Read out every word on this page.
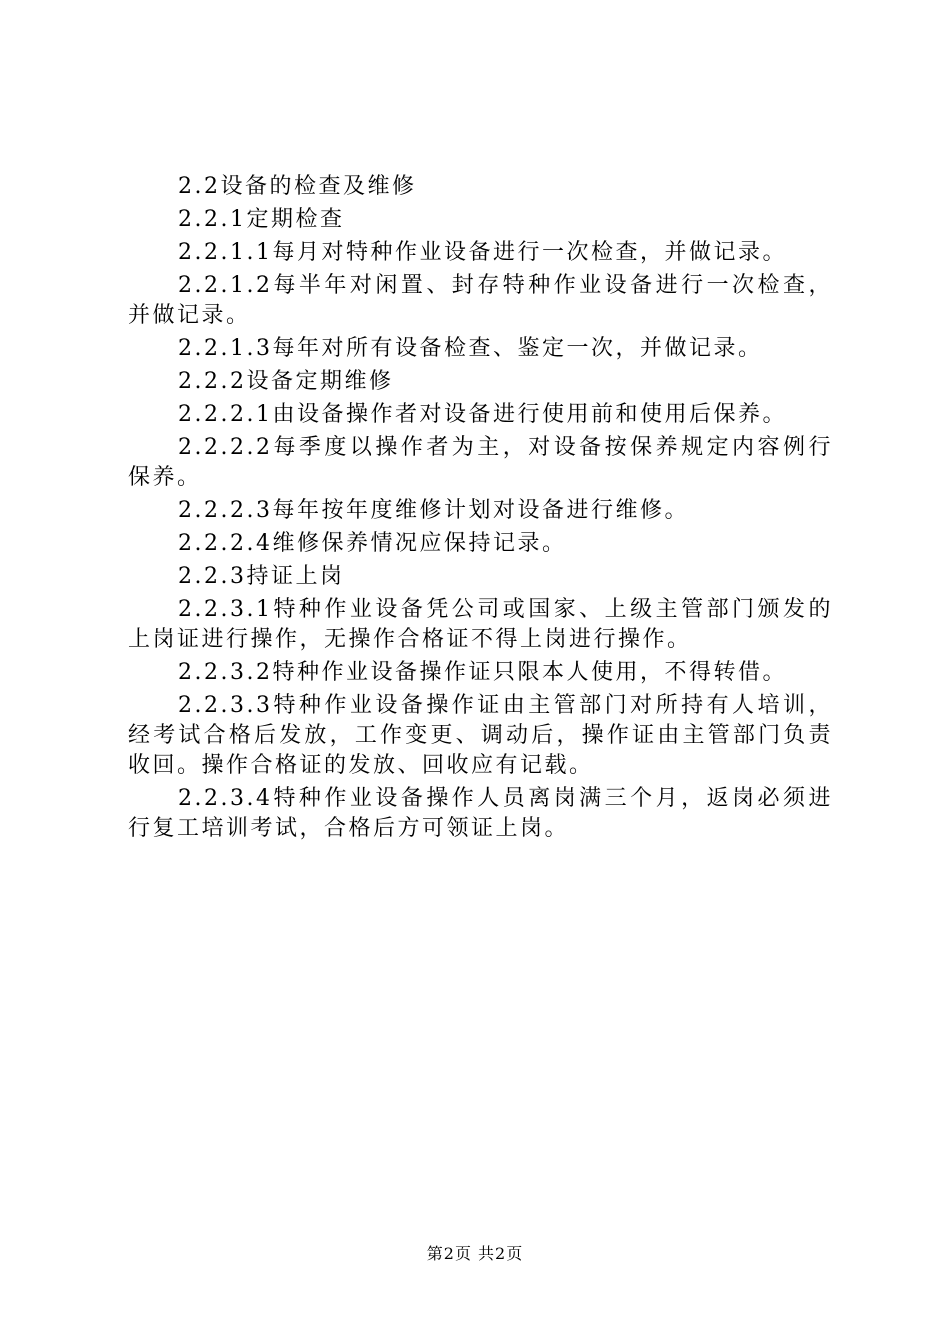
2.2设备的检查及维修

2.2.1定期检查

2.2.1.1每月对特种作业设备进行一次检查，并做记录。

2.2.1.2每半年对闲置、封存特种作业设备进行一次检查，并做记录。

2.2.1.3每年对所有设备检查、鉴定一次，并做记录。

2.2.2设备定期维修

2.2.2.1由设备操作者对设备进行使用前和使用后保养。

2.2.2.2每季度以操作者为主，对设备按保养规定内容例行保养。

2.2.2.3每年按年度维修计划对设备进行维修。

2.2.2.4维修保养情况应保持记录。

2.2.3持证上岗

2.2.3.1特种作业设备凭公司或国家、上级主管部门颁发的上岗证进行操作，无操作合格证不得上岗进行操作。

2.2.3.2特种作业设备操作证只限本人使用，不得转借。

2.2.3.3特种作业设备操作证由主管部门对所持有人培训，经考试合格后发放，工作变更、调动后，操作证由主管部门负责收回。操作合格证的发放、回收应有记载。

2.2.3.4特种作业设备操作人员离岗满三个月，返岗必须进行复工培训考试，合格后方可领证上岗。

第2页 共2页
